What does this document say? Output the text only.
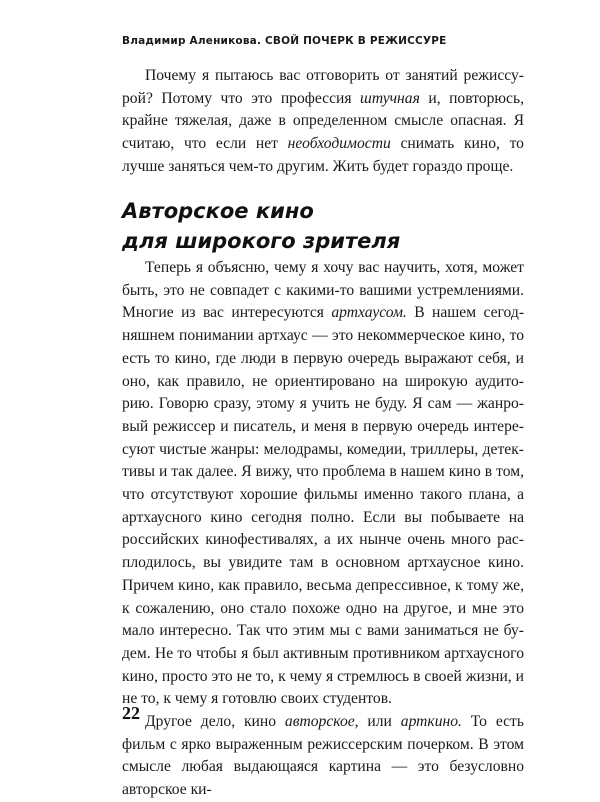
Владимир Аленикова. СВОЙ ПОЧЕРК В РЕЖИССУРЕ

Почему я пытаюсь вас отговорить от занятий режиссурой? Потому что это профессия штучная и, повторюсь, крайне тяжелая, даже в определенном смысле опасная. Я считаю, что если нет необходимости снимать кино, то лучше заняться чем-то другим. Жить будет гораздо проще.

Авторское кино
для широкого зрителя

Теперь я объясню, чему я хочу вас научить, хотя, может быть, это не совпадет с какими-то вашими устремлениями. Многие из вас интересуются артхаусом. В нашем сегодняшнем понимании артхаус — это некоммерческое кино, то есть то кино, где люди в первую очередь выражают себя, и оно, как правило, не ориентировано на широкую аудиторию. Говорю сразу, этому я учить не буду. Я сам — жанровый режиссер и писатель, и меня в первую очередь интересуют чистые жанры: мелодрамы, комедии, триллеры, детективы и так далее. Я вижу, что проблема в нашем кино в том, что отсутствуют хорошие фильмы именно такого плана, а артхаусного кино сегодня полно. Если вы побываете на российских кинофестивалях, а их нынче очень много расплодилось, вы увидите там в основном артхаусное кино. Причем кино, как правило, весьма депрессивное, к тому же, к сожалению, оно стало похоже одно на другое, и мне это мало интересно. Так что этим мы с вами заниматься не будем. Не то чтобы я был активным противником артхаусного кино, просто это не то, к чему я стремлюсь в своей жизни, и не то, к чему я готовлю своих студентов.

Другое дело, кино авторское, или арткино. То есть фильм с ярко выраженным режиссерским почерком. В этом смысле любая выдающаяся картина — это безусловно авторское ки-

22
